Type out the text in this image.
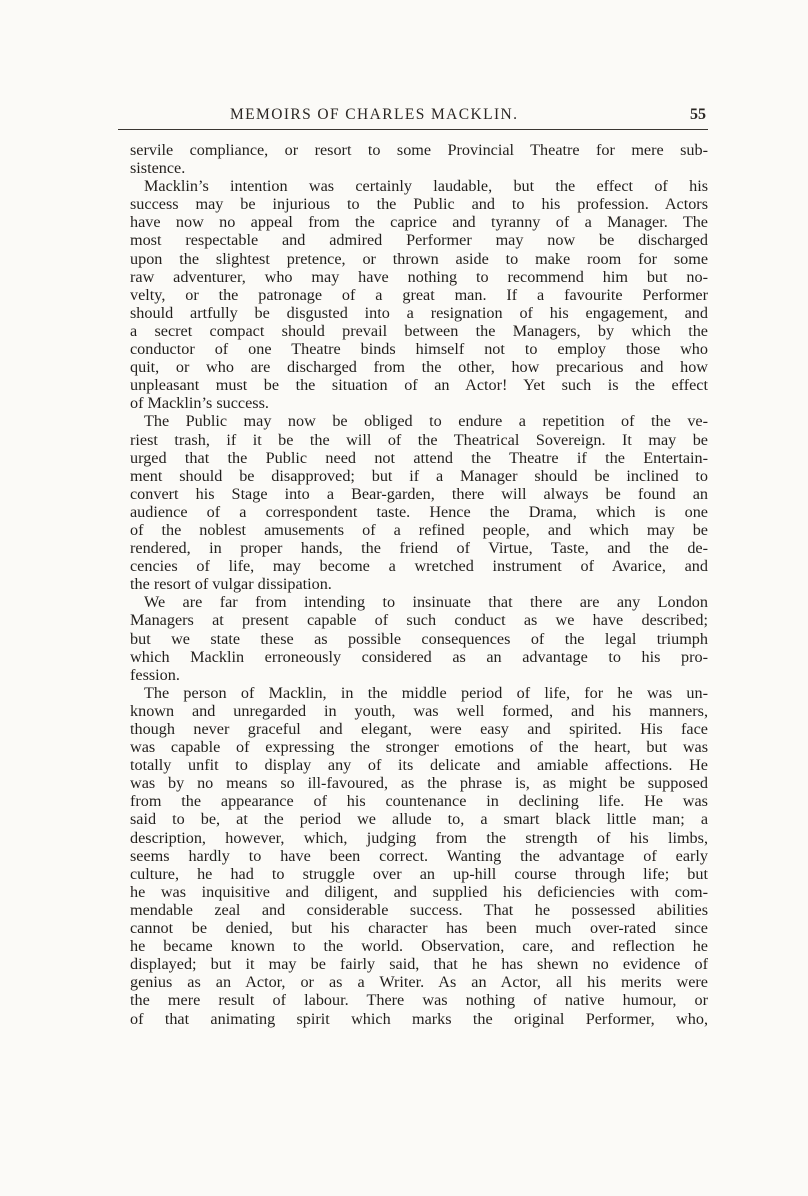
55
MEMOIRS OF CHARLES MACKLIN.
servile compliance, or resort to some Provincial Theatre for mere sub-
sistence.
Macklin’s intention was certainly laudable, but the effect of his
success may be injurious to the Public and to his profession. Actors
have now no appeal from the caprice and tyranny of a Manager. The
most respectable and admired Performer may now be discharged
upon the slightest pretence, or thrown aside to make room for some
raw adventurer, who may have nothing to recommend him but no-
velty, or the patronage of a great man. If a favourite Performer
should artfully be disgusted into a resignation of his engagement, and
a secret compact should prevail between the Managers, by which the
conductor of one Theatre binds himself not to employ those who
quit, or who are discharged from the other, how precarious and how
unpleasant must be the situation of an Actor! Yet such is the effect
of Macklin’s success.
The Public may now be obliged to endure a repetition of the ve-
riest trash, if it be the will of the Theatrical Sovereign. It may be
urged that the Public need not attend the Theatre if the Entertain-
ment should be disapproved; but if a Manager should be inclined to
convert his Stage into a Bear-garden, there will always be found an
audience of a correspondent taste. Hence the Drama, which is one
of the noblest amusements of a refined people, and which may be
rendered, in proper hands, the friend of Virtue, Taste, and the de-
cencies of life, may become a wretched instrument of Avarice, and
the resort of vulgar dissipation.
We are far from intending to insinuate that there are any London
Managers at present capable of such conduct as we have described;
but we state these as possible consequences of the legal triumph
which Macklin erroneously considered as an advantage to his pro-
fession.
The person of Macklin, in the middle period of life, for he was un-
known and unregarded in youth, was well formed, and his manners,
though never graceful and elegant, were easy and spirited. His face
was capable of expressing the stronger emotions of the heart, but was
totally unfit to display any of its delicate and amiable affections. He
was by no means so ill-favoured, as the phrase is, as might be supposed
from the appearance of his countenance in declining life. He was
said to be, at the period we allude to, a smart black little man; a
description, however, which, judging from the strength of his limbs,
seems hardly to have been correct. Wanting the advantage of early
culture, he had to struggle over an up-hill course through life; but
he was inquisitive and diligent, and supplied his deficiencies with com-
mendable zeal and considerable success. That he possessed abilities
cannot be denied, but his character has been much over-rated since
he became known to the world. Observation, care, and reflection he
displayed; but it may be fairly said, that he has shewn no evidence of
genius as an Actor, or as a Writer. As an Actor, all his merits were
the mere result of labour. There was nothing of native humour, or
of that animating spirit which marks the original Performer, who,
